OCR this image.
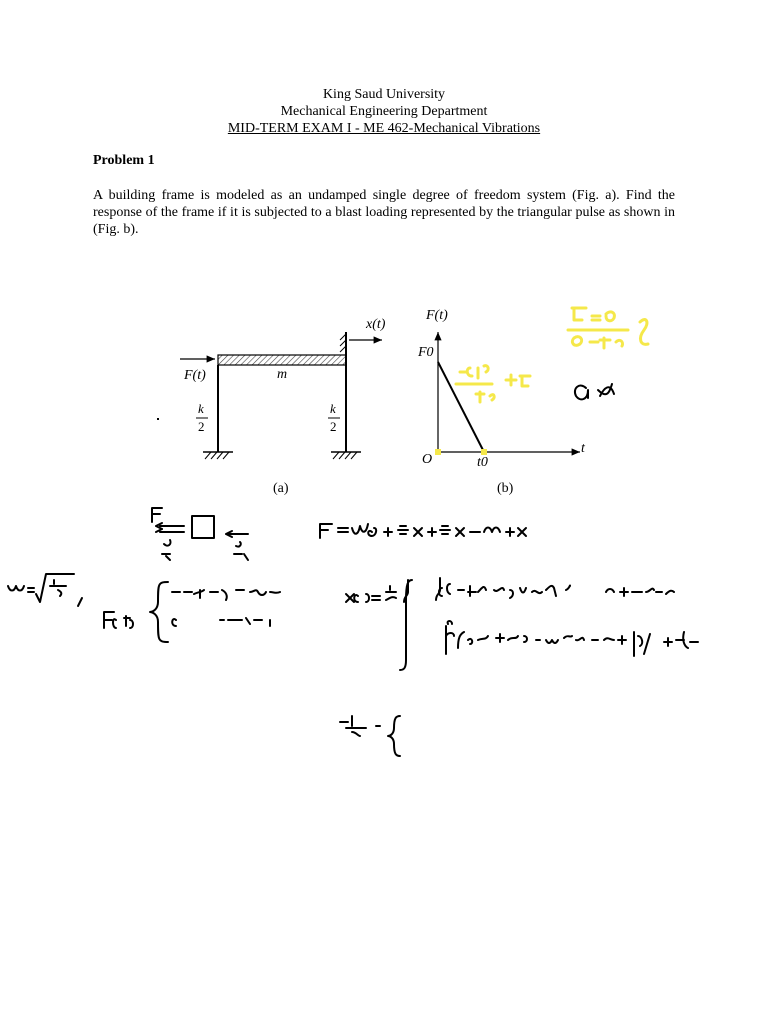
King Saud University
Mechanical Engineering Department
MID-TERM EXAM I - ME 462-Mechanical Vibrations
Problem 1
A building frame is modeled as an undamped single degree of freedom system (Fig. a). Find the response of the frame if it is subjected to a blast loading represented by the triangular pulse as shown in (Fig. b).
F(t)	m
x(t)
k
2
k
2
(a)
F(t)
F0
O	t0
t
(b)
